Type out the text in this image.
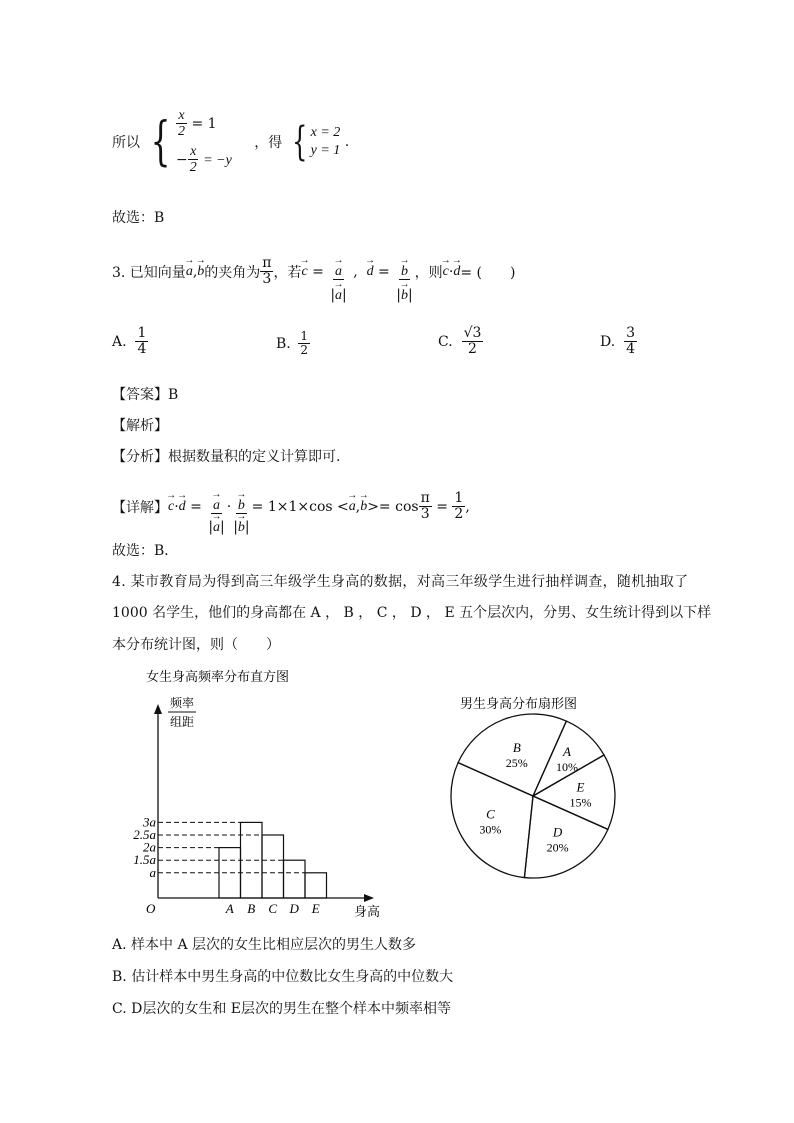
所以 { $\frac{x}{2} = 1$
− $\frac{x}{2} = -y$
，得 { x = 2
y = 1
.
故选：B
3. 已知向量 → a , → b 的夹角为 $\frac{\pi}{3}$ ，若 → c = → $\frac{a}{|\to a|}$ , → d = → $\frac{b}{|\to b|}$ ，则 → c · → d = (　　)
A.
$\frac{1}{4}$	B.
$\frac{1}{2}$	C.
$\frac{√3}{2}$	D.
$\frac{3}{4}$
【答案】B
【解析】
【分析】根据数量积的定义计算即可.
【详解】 → c · → d = → $\frac{a}{|\to a|}$ · → $\frac{b}{|\to b|} = 1\times 1\times\cos$ < → a , → $b >= \cos \frac{\pi}{3} = \frac{1}{2}$ ,
故选：B．
4. 某市教育局为得到高三年级学生身高的数据，对高三年级学生进行抽样调查，随机抽取了
1000 名学生，他们的身高都在 A ， B ， C ， D ， E 五个层次内，分男、女生统计得到以下样
本分布统计图，则（　　）
女生身高频率分布直方图
a
1.5a
2a
2.5a
3a
A B C D E
频率
组距
O	身高
男生身高分布扇形图
A
10%
E
15%
D
20%
C
30%
B
25%
A. 样本中 A 层次的女生比相应层次的男生人数多
B. 估计样本中男生身高的中位数比女生身高的中位数大
C. D层次的女生和 E层次的男生在整个样本中频率相等
